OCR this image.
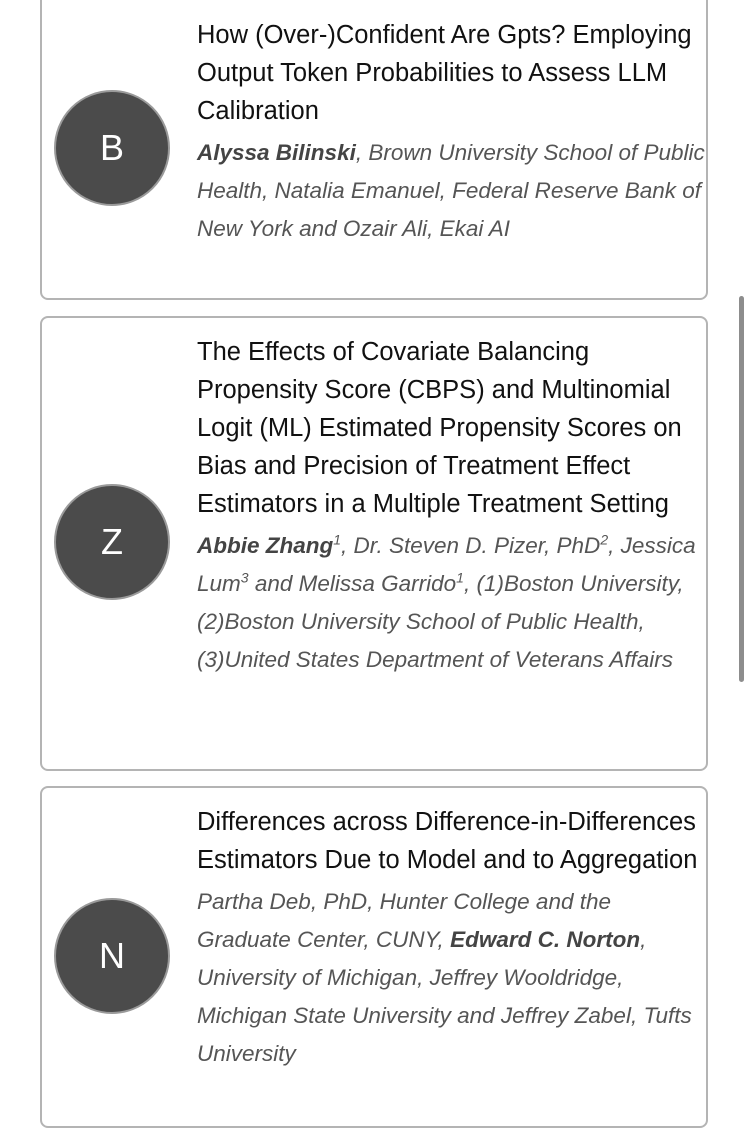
B
How (Over-)Confident Are Gpts? Employing Output Token Probabilities to Assess LLM Calibration

Alyssa Bilinski, Brown University School of Public Health, Natalia Emanuel, Federal Reserve Bank of New York and Ozair Ali, Ekai AI

Z
The Effects of Covariate Balancing Propensity Score (CBPS) and Multinomial Logit (ML) Estimated Propensity Scores on Bias and Precision of Treatment Effect Estimators in a Multiple Treatment Setting

Abbie Zhang$^1$, Dr. Steven D. Pizer, PhD$^2$, Jessica Lum$^3$ and Melissa Garrido$^1$, (1)Boston University, (2)Boston University School of Public Health, (3)United States Department of Veterans Affairs

N
Differences across Difference-in-Differences Estimators Due to Model and to Aggregation

Partha Deb, PhD, Hunter College and the Graduate Center, CUNY, Edward C. Norton, University of Michigan, Jeffrey Wooldridge, Michigan State University and Jeffrey Zabel, Tufts University
